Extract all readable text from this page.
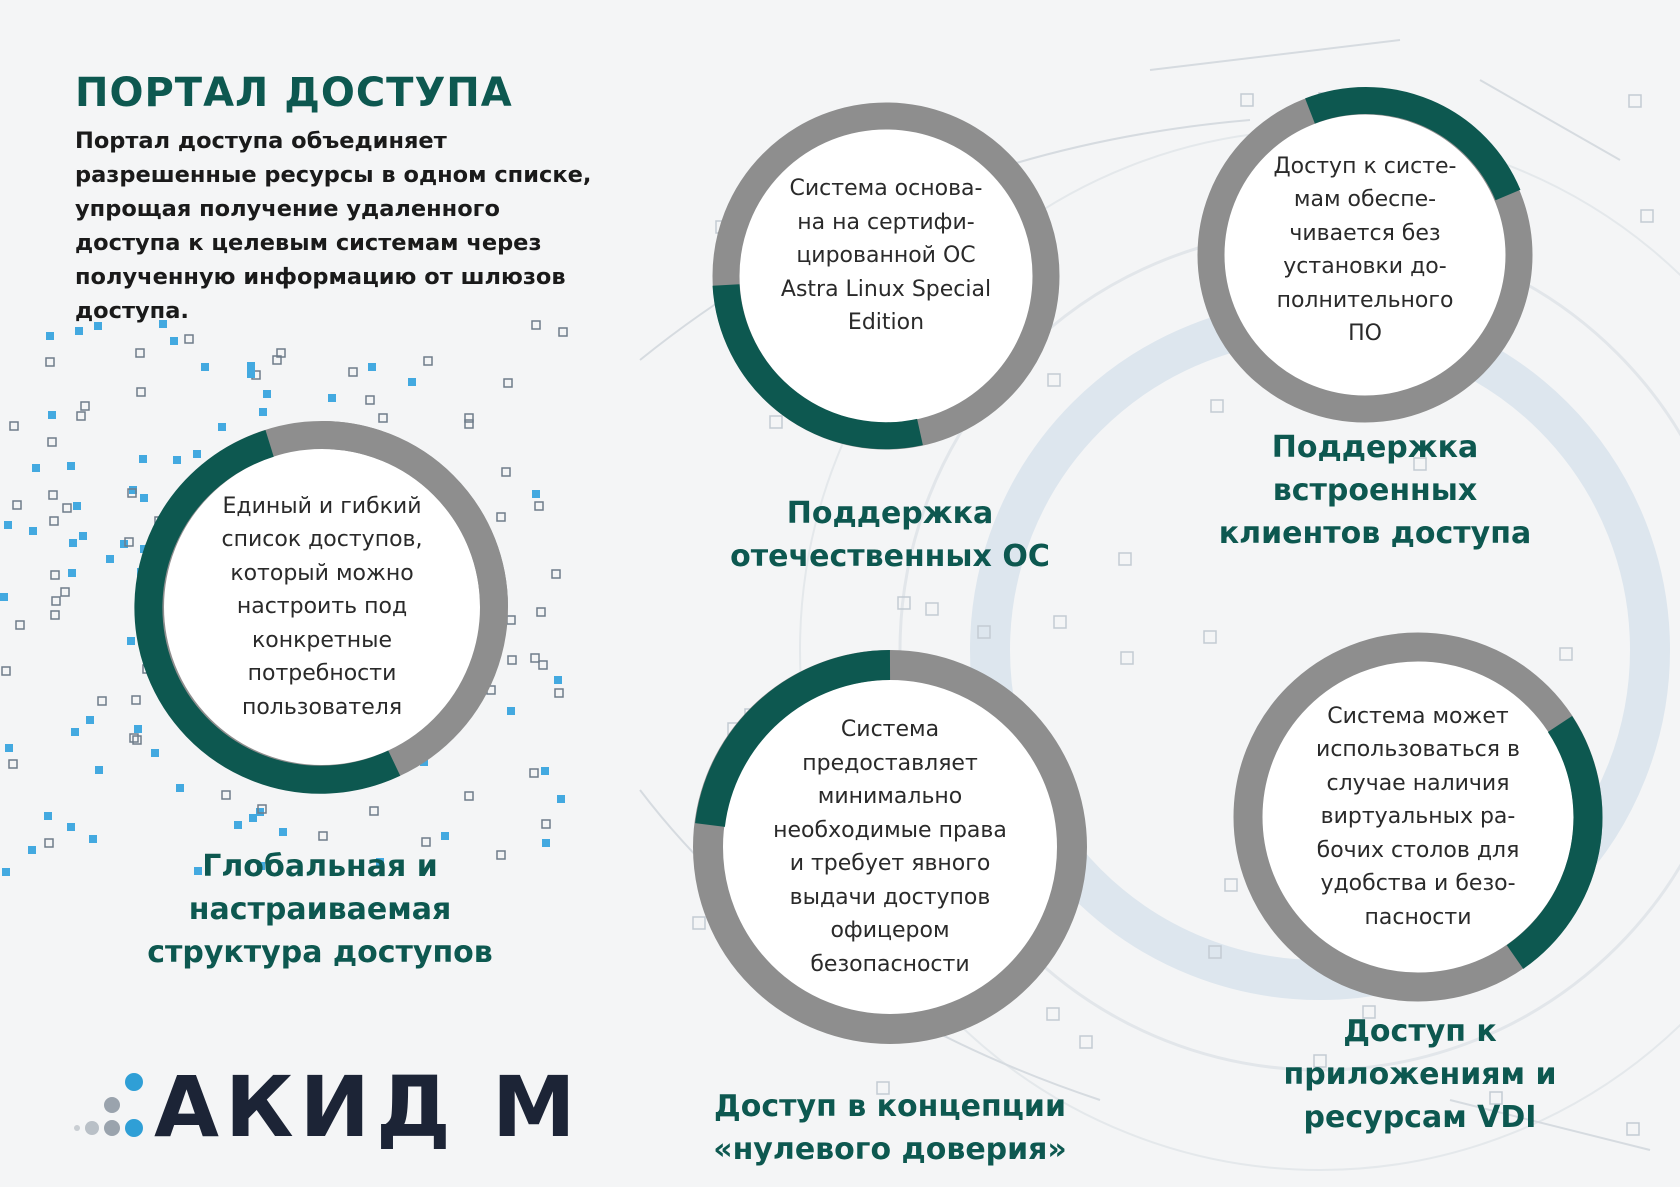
ПОРТАЛ ДОСТУПА

Портал доступа объединяет разрешенные ресурсы в одном списке, упрощая получение удаленного доступа к целевым системам через полученную информацию от шлюзов доступа.

Единый и гибкий
список доступов,
который можно
настроить под
конкретные
потребности
пользователя
Глобальная и
настраиваемая
структура доступов
Система основа-
на на сертифи-
цированной ОС
Astra Linux Special
Edition
Поддержка
отечественных ОС
Доступ к систе-
мам обеспе-
чивается без
установки до-
полнительного
ПО
Поддержка
встроенных
клиентов доступа
Система
предоставляет
минимально
необходимые права
и требует явного
выдачи доступов
офицером
безопасности
Доступ в концепции
«нулевого доверия»
Система может
использоваться в
случае наличия
виртуальных ра-
бочих столов для
удобства и безо-
пасности
Доступ к
приложениям и
ресурсам VDI
АКИД М
